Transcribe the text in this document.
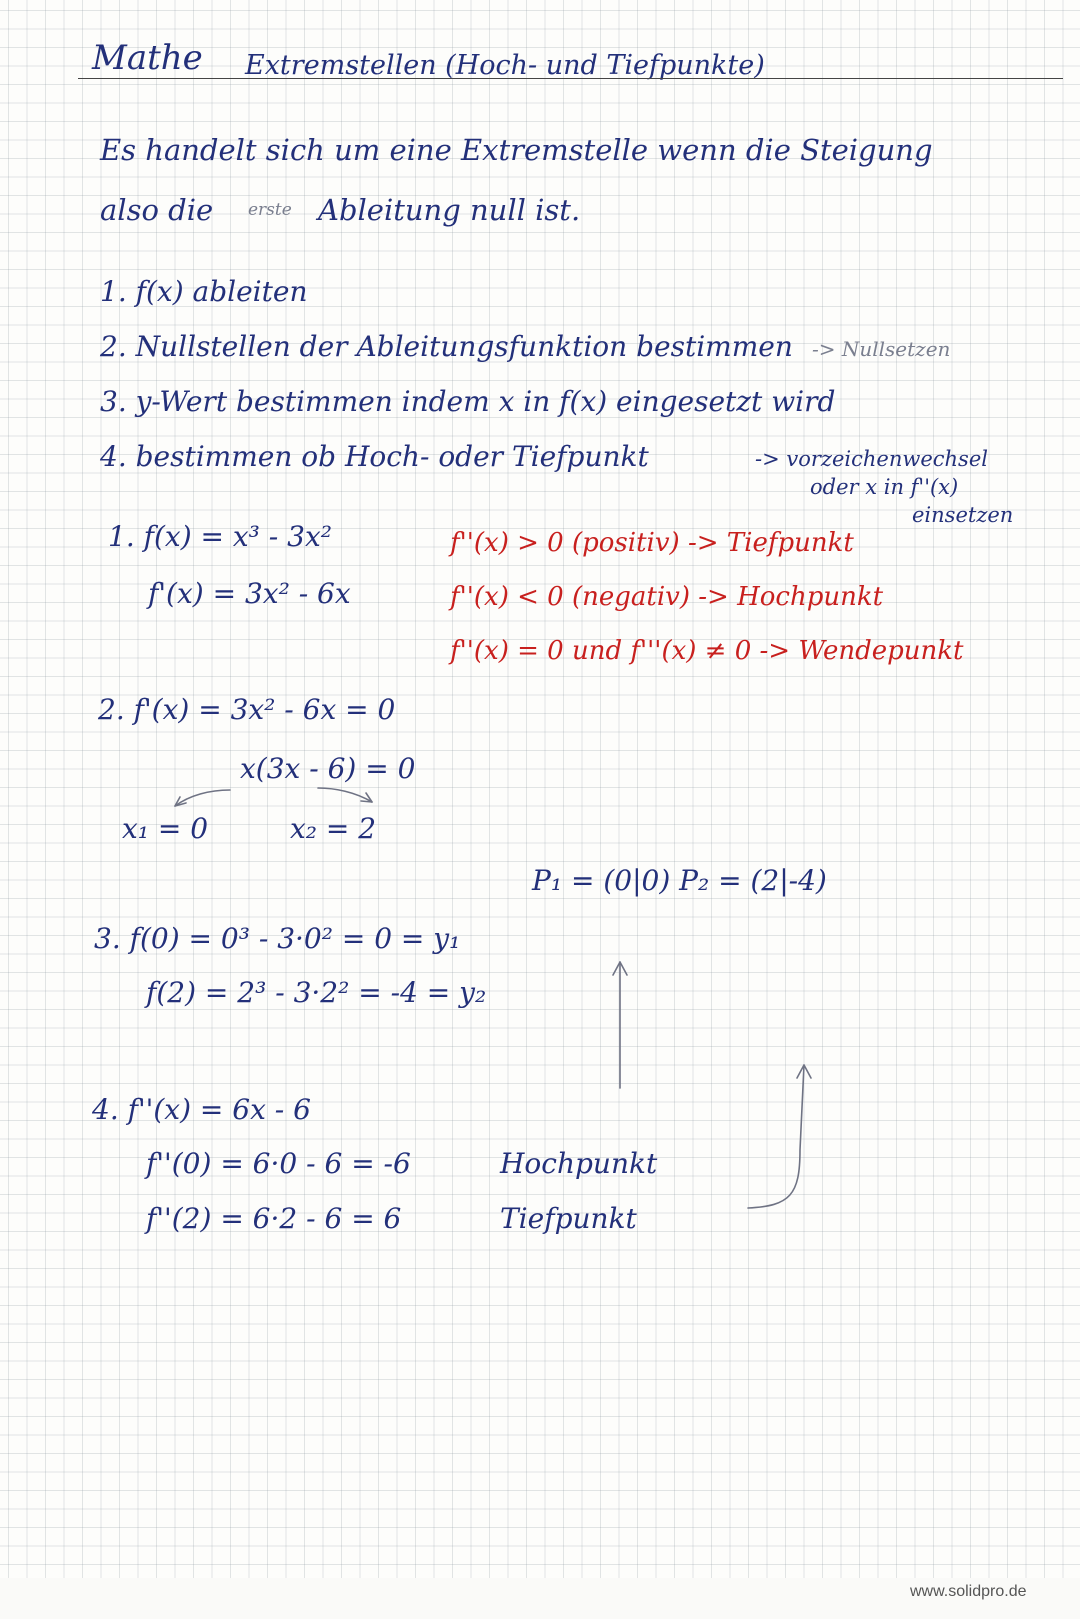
Mathe Extremstellen (Hoch- und Tiefpunkte)
Es handelt sich um eine Extremstelle wenn die Steigung
also die erste Ableitung null ist.
1. f(x) ableiten
2. Nullstellen der Ableitungsfunktion bestimmen -> Nullsetzen
3. y-Wert bestimmen indem x in f(x) eingesetzt wird
4. bestimmen ob Hoch- oder Tiefpunkt	-> vorzeichenwechsel
oder x in f''(x)
einsetzen
1. f(x) = x³ - 3x²
f'(x) = 3x² - 6x
f''(x) > 0 (positiv) -> Tiefpunkt
f''(x) < 0 (negativ) -> Hochpunkt
f''(x) = 0 und f'''(x) ≠ 0 -> Wendepunkt
2. f'(x) = 3x² - 6x = 0
x(3x - 6) = 0
x₁ = 0	x₂ = 2
P₁ = (0|0) P₂ = (2|-4)
3. f(0) = 0³ - 3·0² = 0 = y₁
f(2) = 2³ - 3·2² = -4 = y₂
4. f''(x) = 6x - 6
f''(0) = 6·0 - 6 = -6	Hochpunkt
f''(2) = 6·2 - 6 = 6	Tiefpunkt
www.solidpro.de
